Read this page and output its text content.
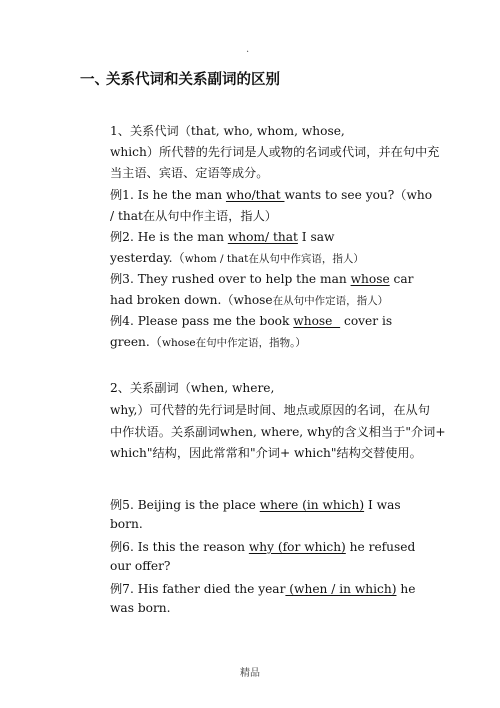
.
一、关系代词和关系副词的区别
1、关系代词（that, who, whom, whose,
which）所代替的先行词是人或物的名词或代词，并在句中充
当主语、宾语、定语等成分。
例1. Is he the man who/that wants to see you?（who
/ that在从句中作主语，指人）
例2. He is the man whom/ that I saw
yesterday.（whom / that在从句中作宾语，指人）
例3. They rushed over to help the man whose car
had broken down.（whose在从句中作定语，指人）
例4. Please pass me the book whose   cover is
green.（whose在句中作定语，指物。）
2、关系副词（when, where,
why,）可代替的先行词是时间、地点或原因的名词，在从句
中作状语。关系副词when, where, why的含义相当于"介词+
which"结构，因此常常和"介词+ which"结构交替使用。
例5. Beijing is the place where (in which) I was
born.
例6. Is this the reason why (for which) he refused
our offer?
例7. His father died the year (when / in which) he
was born.
精品
